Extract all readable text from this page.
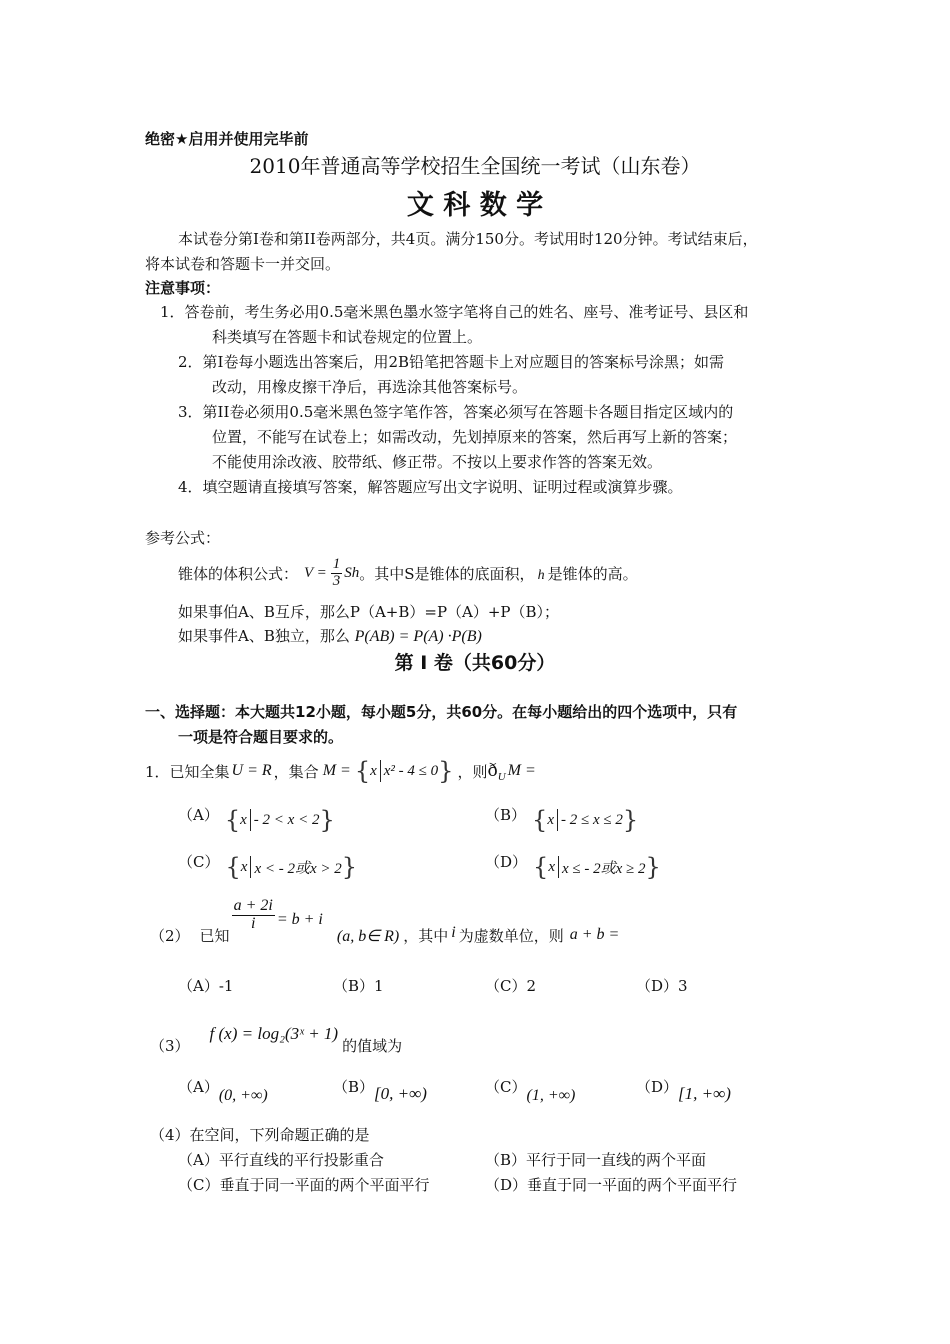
绝密★启用并使用完毕前
2010年普通高等学校招生全国统一考试（山东卷）
文 科 数 学
本试卷分第I卷和第II卷两部分，共4页。满分150分。考试用时120分钟。考试结束后，
将本试卷和答题卡一并交回。
注意事项：
1．答卷前，考生务必用0.5毫米黑色墨水签字笔将自己的姓名、座号、准考证号、县区和
科类填写在答题卡和试卷规定的位置上。
2．第I卷每小题选出答案后，用2B铅笔把答题卡上对应题目的答案标号涂黑；如需
改动，用橡皮擦干净后，再选涂其他答案标号。
3．第II卷必须用0.5毫米黑色签字笔作答，答案必须写在答题卡各题目指定区域内的
位置，不能写在试卷上；如需改动，先划掉原来的答案，然后再写上新的答案；
不能使用涂改液、胶带纸、修正带。不按以上要求作答的答案无效。
4．填空题请直接填写答案，解答题应写出文字说明、证明过程或演算步骤。
参考公式：
锥体的体积公式： $V = \frac{1}{3}$ Sh 。其中S是锥体的底面积， h 是锥体的高。
如果事伯A、B互斥，那么P（A+B）=P（A）+P（B）；
如果事件A、B独立，那么 P(AB) = P(A) ·P(B)
第 Ⅰ 卷（共60分）
一、选择题：本大题共12小题，每小题5分，共60分。在每小题给出的四个选项中，只有
一项是符合题目要求的。
1．已知全集 U = R ，集合 M = { x x² - 4 ≤ 0 } ，则 ð U M =
（A） { x - 2 < x < 2 }	（B） { x - 2 ≤ x ≤ 2 }
（C） { x x < - 2或x > 2 }	（D） { x x ≤ - 2或x ≥ 2 }
（2） 已知
$\frac{a + 2i}{i} = b + i$
(a, b∈ R) ，其中 i 为虚数单位，则 a + b =
（A）-1	（B）1	（C）2	（D）3
（3）
f (x) = log₂(3ˣ + 1)
的值域为
（A）(0, +∞)	（B）[0, +∞)	（C）(1, +∞)	（D）[1, +∞)
（4）在空间，下列命题正确的是
（A）平行直线的平行投影重合	（B）平行于同一直线的两个平面
（C）垂直于同一平面的两个平面平行	（D）垂直于同一平面的两个平面平行
